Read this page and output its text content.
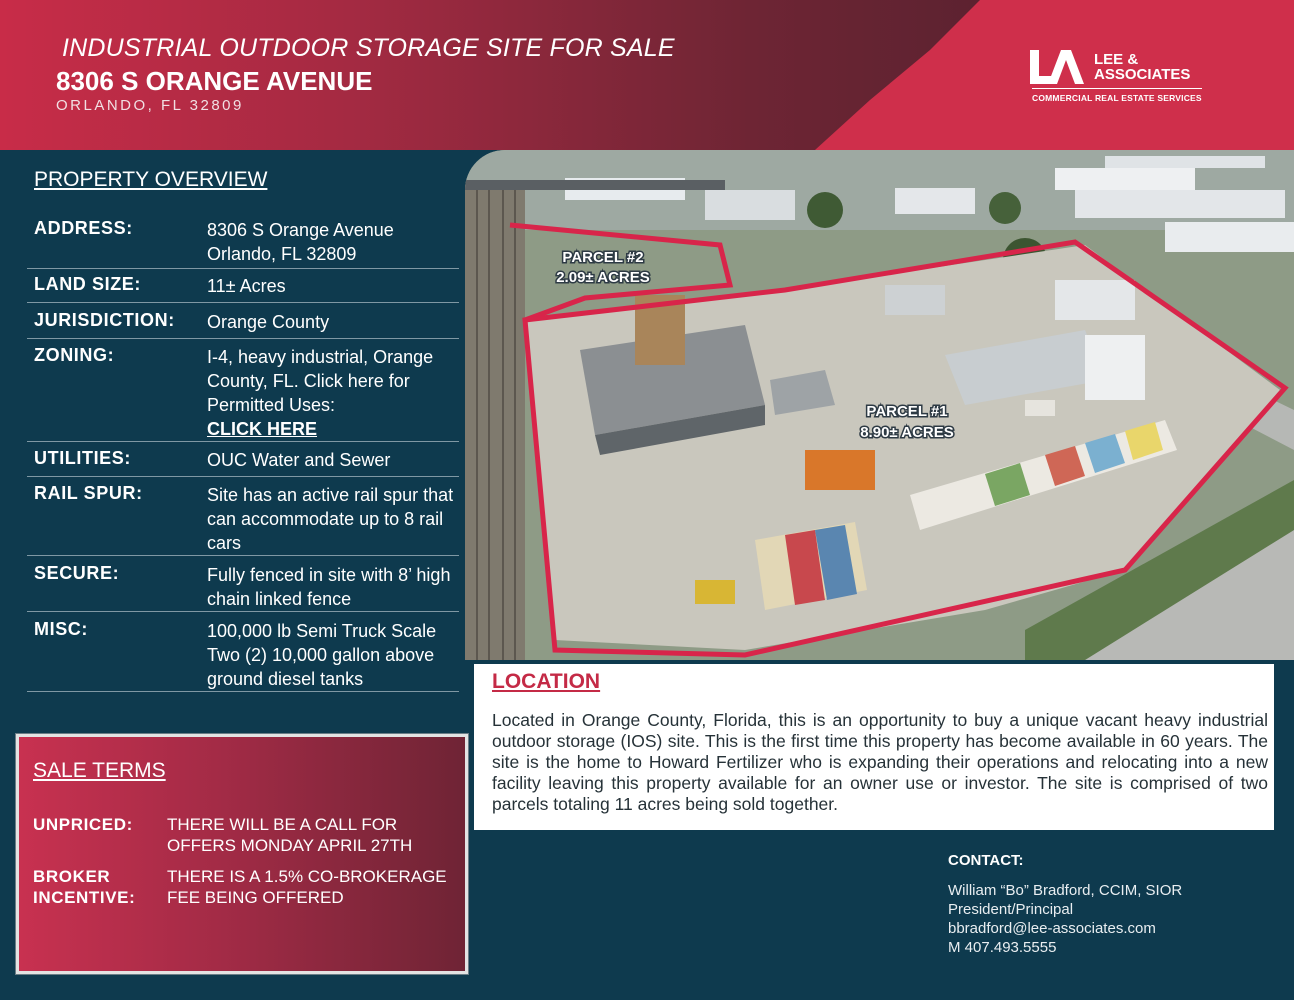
INDUSTRIAL OUTDOOR STORAGE SITE FOR SALE
8306 S ORANGE AVENUE
ORLANDO, FL 32809
LEE &
ASSOCIATES
COMMERCIAL REAL ESTATE SERVICES
PROPERTY OVERVIEW
ADDRESS:	8306 S Orange Avenue Orlando, FL 32809
LAND SIZE:	11± Acres
JURISDICTION: Orange County
ZONING:	I-4, heavy industrial, Orange County, FL. Click here for Permitted Uses:
CLICK HERE
UTILITIES:	OUC Water and Sewer
RAIL SPUR:	Site has an active rail spur that can accommodate up to 8 rail cars
SECURE:	Fully fenced in site with 8’ high chain linked fence
MISC:	100,000 lb Semi Truck Scale Two (2) 10,000 gallon above ground diesel tanks
PARCEL #2
2.09± ACRES
PARCEL #1
8.90± ACRES
LOCATION
Located in Orange County, Florida, this is an opportunity to buy a unique vacant heavy industrial outdoor storage (IOS) site. This is the first time this property has become available in 60 years. The site is the home to Howard Fertilizer who is expanding their operations and relocating into a new facility leaving this property available for an owner use or investor. The site is comprised of two parcels totaling 11 acres being sold together.
SALE TERMS
UNPRICED:	THERE WILL BE A CALL FOR OFFERS MONDAY APRIL 27TH
BROKER
INCENTIVE:
THERE IS A 1.5% CO-BROKERAGE FEE BEING OFFERED
CONTACT:
William “Bo” Bradford, CCIM, SIOR
President/Principal
bbradford@lee-associates.com
M 407.493.5555
